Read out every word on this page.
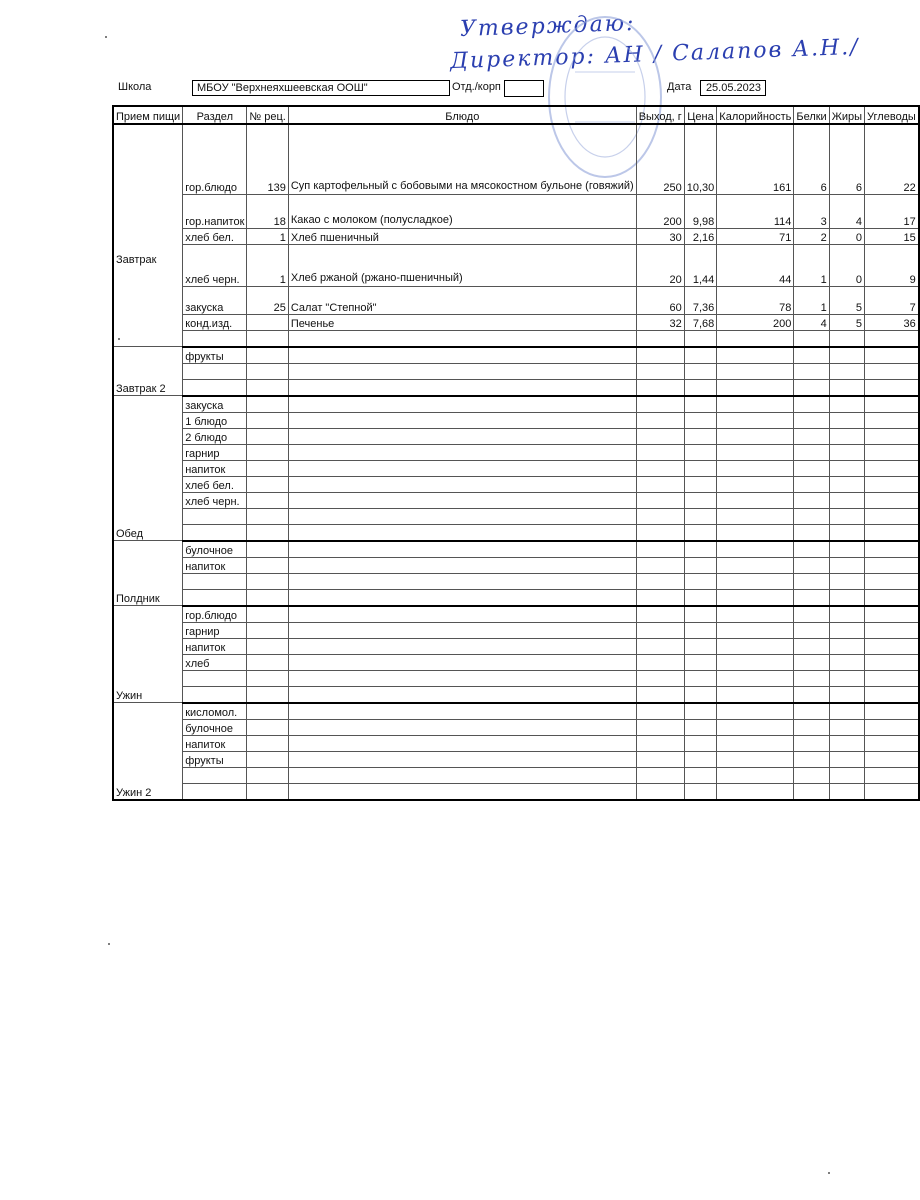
Утверждаю:
Директор: АН / Салапов А.Н./
Школа	МБОУ "Верхнеяхшеевская ООШ"	Отд./корп	Дата	25.05.2023
Прием пищи	Раздел	№ рец.	Блюдо	Выход, г	Цена	Калорийность	Белки	Жиры	Углеводы
Завтрак	гор.блюдо	139	Суп картофельный с бобовыми на мясокостном бульоне (говяжий)	250	10,30	161	6	6	22
	гор.напиток	18	Какао с молоком (полусладкое)	200	9,98	114	3	4	17
	хлеб бел.	1	Хлеб пшеничный	30	2,16	71	2	0	15
	хлеб черн.	1	Хлеб ржаной (ржано-пшеничный)	20	1,44	44	1	0	9
	закуска	25	Салат "Степной"	60	7,36	78	1	5	7
	конд.изд.		Печенье	32	7,68	200	4	5	36

Завтрак 2	фрукты								

Обед	закуска								
	1 блюдо								
	2 блюдо								
	гарнир								
	напиток								
	хлеб бел.								
	хлеб черн.								

Полдник	булочное								
	напиток								

Ужин	гор.блюдо								
	гарнир								
	напиток								
	хлеб								

Ужин 2	кисломол.								
	булочное								
	напиток								
	фрукты								
